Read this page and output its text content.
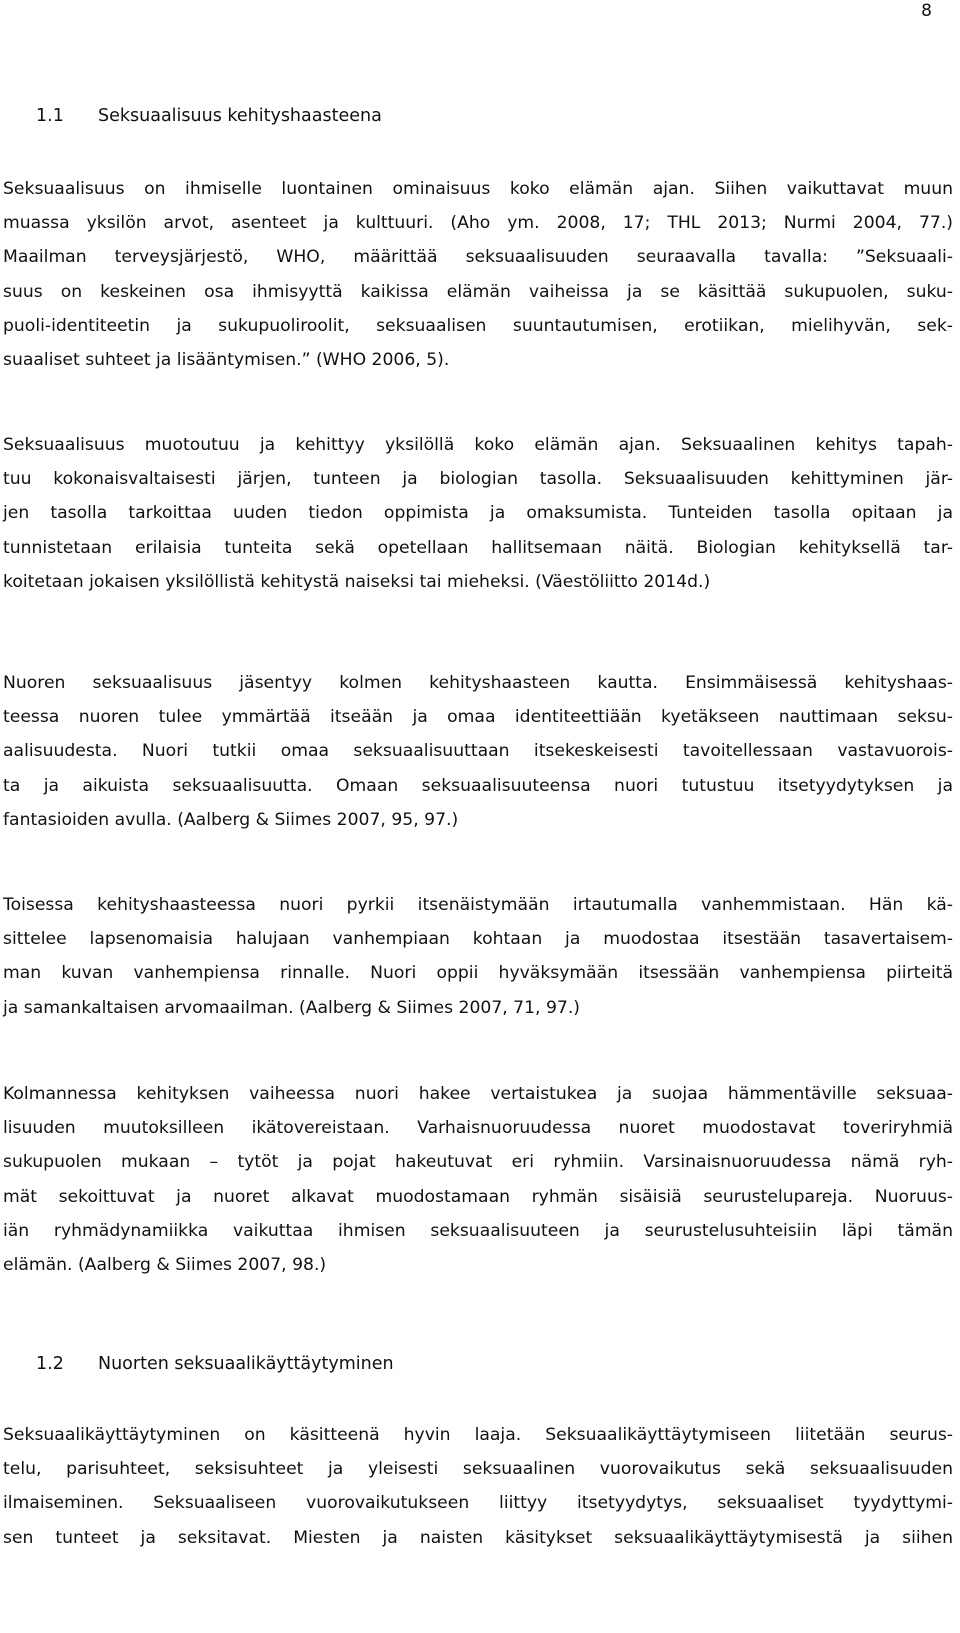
8
1.1 Seksuaalisuus kehityshaasteena

Seksuaalisuus on ihmiselle luontainen ominaisuus koko elämän ajan. Siihen vaikuttavat muun
muassa yksilön arvot, asenteet ja kulttuuri. (Aho ym. 2008, 17; THL 2013; Nurmi 2004, 77.)
Maailman terveysjärjestö, WHO, määrittää seksuaalisuuden seuraavalla tavalla: ”Seksuaali-
suus on keskeinen osa ihmisyyttä kaikissa elämän vaiheissa ja se käsittää sukupuolen, suku-
puoli-identiteetin ja sukupuoliroolit, seksuaalisen suuntautumisen, erotiikan, mielihyvän, sek-
suaaliset suhteet ja lisääntymisen.” (WHO 2006, 5).

Seksuaalisuus muotoutuu ja kehittyy yksilöllä koko elämän ajan. Seksuaalinen kehitys tapah-
tuu kokonaisvaltaisesti järjen, tunteen ja biologian tasolla. Seksuaalisuuden kehittyminen jär-
jen tasolla tarkoittaa uuden tiedon oppimista ja omaksumista. Tunteiden tasolla opitaan ja
tunnistetaan erilaisia tunteita sekä opetellaan hallitsemaan näitä. Biologian kehityksellä tar-
koitetaan jokaisen yksilöllistä kehitystä naiseksi tai mieheksi. (Väestöliitto 2014d.)

Nuoren seksuaalisuus jäsentyy kolmen kehityshaasteen kautta. Ensimmäisessä kehityshaas-
teessa nuoren tulee ymmärtää itseään ja omaa identiteettiään kyetäkseen nauttimaan seksu-
aalisuudesta. Nuori tutkii omaa seksuaalisuuttaan itsekeskeisesti tavoitellessaan vastavuorois-
ta ja aikuista seksuaalisuutta. Omaan seksuaalisuuteensa nuori tutustuu itsetyydytyksen ja
fantasioiden avulla. (Aalberg & Siimes 2007, 95, 97.)

Toisessa kehityshaasteessa nuori pyrkii itsenäistymään irtautumalla vanhemmistaan. Hän kä-
sittelee lapsenomaisia halujaan vanhempiaan kohtaan ja muodostaa itsestään tasavertaisem-
man kuvan vanhempiensa rinnalle. Nuori oppii hyväksymään itsessään vanhempiensa piirteitä
ja samankaltaisen arvomaailman. (Aalberg & Siimes 2007, 71, 97.)

Kolmannessa kehityksen vaiheessa nuori hakee vertaistukea ja suojaa hämmentäville seksuaa-
lisuuden muutoksilleen ikätovereistaan. Varhaisnuoruudessa nuoret muodostavat toveriryhmiä
sukupuolen mukaan – tytöt ja pojat hakeutuvat eri ryhmiin. Varsinaisnuoruudessa nämä ryh-
mät sekoittuvat ja nuoret alkavat muodostamaan ryhmän sisäisiä seurustelupareja. Nuoruus-
iän ryhmädynamiikka vaikuttaa ihmisen seksuaalisuuteen ja seurustelusuhteisiin läpi tämän
elämän. (Aalberg & Siimes 2007, 98.)

1.2 Nuorten seksuaalikäyttäytyminen

Seksuaalikäyttäytyminen on käsitteenä hyvin laaja. Seksuaalikäyttäytymiseen liitetään seurus-
telu, parisuhteet, seksisuhteet ja yleisesti seksuaalinen vuorovaikutus sekä seksuaalisuuden
ilmaiseminen. Seksuaaliseen vuorovaikutukseen liittyy itsetyydytys, seksuaaliset tyydyttymi-
sen tunteet ja seksitavat. Miesten ja naisten käsitykset seksuaalikäyttäytymisestä ja siihen
